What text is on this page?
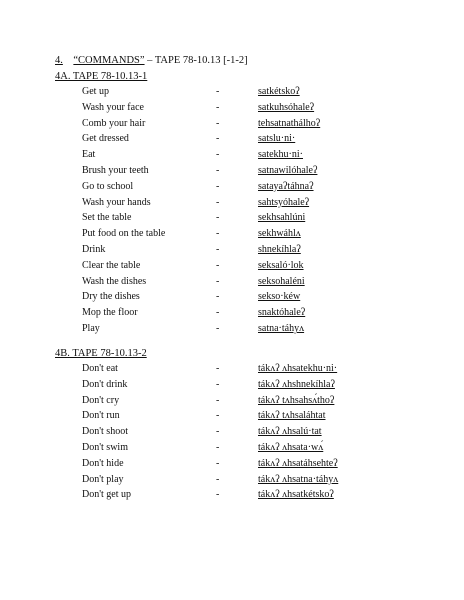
4. “COMMANDS” – TAPE 78-10.13 [-1-2]
4A. TAPE 78-10.13-1
Get up	-	satkétskoʔ
Wash your face	-	satkuhsóhaleʔ
Comb your hair	-	tehsatnathálhoʔ
Get dressed	-	satslu·ni·
Eat	-	satekhu·ni·
Brush your teeth	-	satnawilóhaleʔ
Go to school	-	satayaʔtáhnaʔ
Wash your hands	-	sahtsyóhaleʔ
Set the table	-	sekhsahlúni
Put food on the table	-	sekhwáhlʌ
Drink	-	shnekíhlaʔ
Clear the table	-	seksaló·lok
Wash the dishes	-	seksohaléni
Dry the dishes	-	sekso·kéw
Mop the floor	-	snaktóhaleʔ
Play	-	satna·táhyʌ
4B. TAPE 78-10.13-2
Don't eat	-	tákʌʔ ʌhsatekhu·ni·
Don't drink	-	tákʌʔ ʌhshnekíhlaʔ
Don't cry	-	tákʌʔ tʌhsahsʌ́thoʔ
Don't run	-	tákʌʔ tʌhsaláhtat
Don't shoot	-	tákʌʔ ʌhsalú·tat
Don't swim	-	tákʌʔ ʌhsata·wʌ́
Don't hide	-	tákʌʔ ʌhsatáhsehteʔ
Don't play	-	tákʌʔ ʌhsatna·táhyʌ
Don't get up	-	tákʌʔ ʌhsatkétskoʔ
